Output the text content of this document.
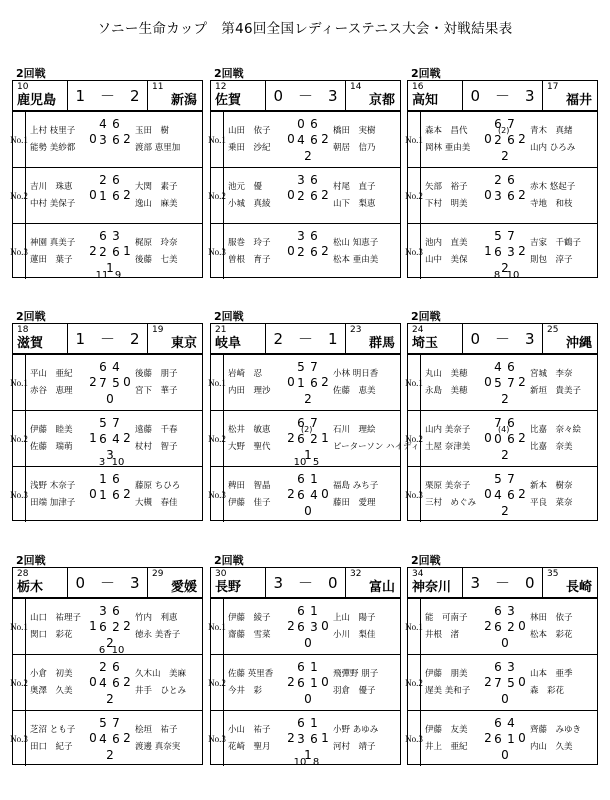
ソニー生命カップ　第46回全国レディーステニス大会・対戦結果表
2回戦
10
鹿児島 1 － 2 11
新潟
No.1
上村 枝里子
能勢 美紗都
玉田　樹
渡部 恵里加
0 2
4 6
3 6
No.2
吉川　珠恵
中村 美保子
大関　素子
逸山　麻美
0 2
2 6
1 6
No.3
神園 真美子
蓮田　葉子
梶原　玲奈
後藤　七美
2 1
6 3
2 6
1
11 9
2回戦
12
佐賀 0 － 3 14
京都
No.1
山田　依子
乗田　沙紀
橋田　実樹
朝居　信乃
0 2
0 6
4 6
2
No.2
池元　優
小城　真綾
村尾　直子
山下　梨恵
0 2
3 6
2 6
No.3
服巻　玲子
曽根　育子
松山 知恵子
松本 亜由美
0 2
3 6
2 6
2回戦
16
高知 0 － 3 17
福井
No.1
森本　昌代
岡林 亜由美
青木　真緒
山内 ひろみ
0 2
6 7
2 6
2
(2)
No.2
矢部　裕子
下村　明美
赤木 悠起子
寺地　和枝
0 2
2 6
3 6
No.3
池内　直美
山中　美保
吉家　千鶴子
則包　淳子
1 2
5 7
6 3
2
8 10
2回戦
18
滋賀 1 － 2 19
東京
No.1
平山　亜紀
赤谷　恵理
後藤　朋子
宮下　華子
2 0
6 4
7 5
0
No.2
伊藤　睦美
佐藤　瑞萌
遠藤　千春
杖村　智子
1 2
5 7
6 4
3
3 10
No.3
浅野 木奈子
田端 加津子
藤原 ちひろ
大槻　春佳
0 2
1 6
1 6
2回戦
21
岐阜 2 － 1 23
群馬
No.1
岩崎　忍
内田　理沙
小林 明日香
佐藤　恵美
0 2
5 7
1 6
2
No.2
松井　敏恵
大野　聖代
石川　理絵
ピーターソン ハイディ
2 1
6 7
6 2
1
(2)
10 5
No.3
稗田　智晶
伊藤　佳子
福島 みち子
藤田　愛理
2 0
6 1
6 4
0
2回戦
24
埼玉 0 － 3 25
沖縄
No.1
丸山　美穂
永島　美穂
宮城　李奈
新垣　貴美子
0 2
4 6
5 7
2
No.2
山内 美奈子
土屋 奈津美
比嘉　奈々絵
比嘉　奈美
0 2
7 6
0 6
2
(4)
No.3
栗原 美奈子
三村　めぐみ
新本　樹奈
平良　菜奈
0 2
5 7
4 6
2
2回戦
28
栃木 0 － 3 29
愛媛
No.1
山口　祐理子
関口　彩花
竹内　利恵
徳永 美香子
1 2
3 6
6 2
2
6 10
No.2
小倉　初美
奥澤　久美
久木山　美麻
井手　ひとみ
0 2
2 6
4 6
2
No.3
芝沼 とも子
田口　紀子
桧垣　祐子
渡邊 真奈実
0 2
5 7
4 6
2
2回戦
30
長野 3 － 0 32
富山
No.1
伊藤　綾子
齋藤　雪菜
上山　陽子
小川　梨佳
2 0
6 1
6 3
0
No.2
佐藤 英里香
今井　彩
飛彈野 朋子
羽倉　優子
2 0
6 1
6 1
0
No.3
小山　祐子
花崎　聖月
小野 あゆみ
河村　靖子
2 1
6 1
3 6
1
10 8
2回戦
34
神奈川 3 － 0 35
長崎
No.1
能　可南子
井根　渚
林田　依子
松本　彩花
2 0
6 3
6 2
0
No.2
伊藤　朋美
遅美 美和子
山本　亜季
森　彩花
2 0
6 3
7 5
0
No.3
伊藤　友美
井上　亜紀
齊藤　みゆき
内山　久美
2 0
6 4
6 1
0
